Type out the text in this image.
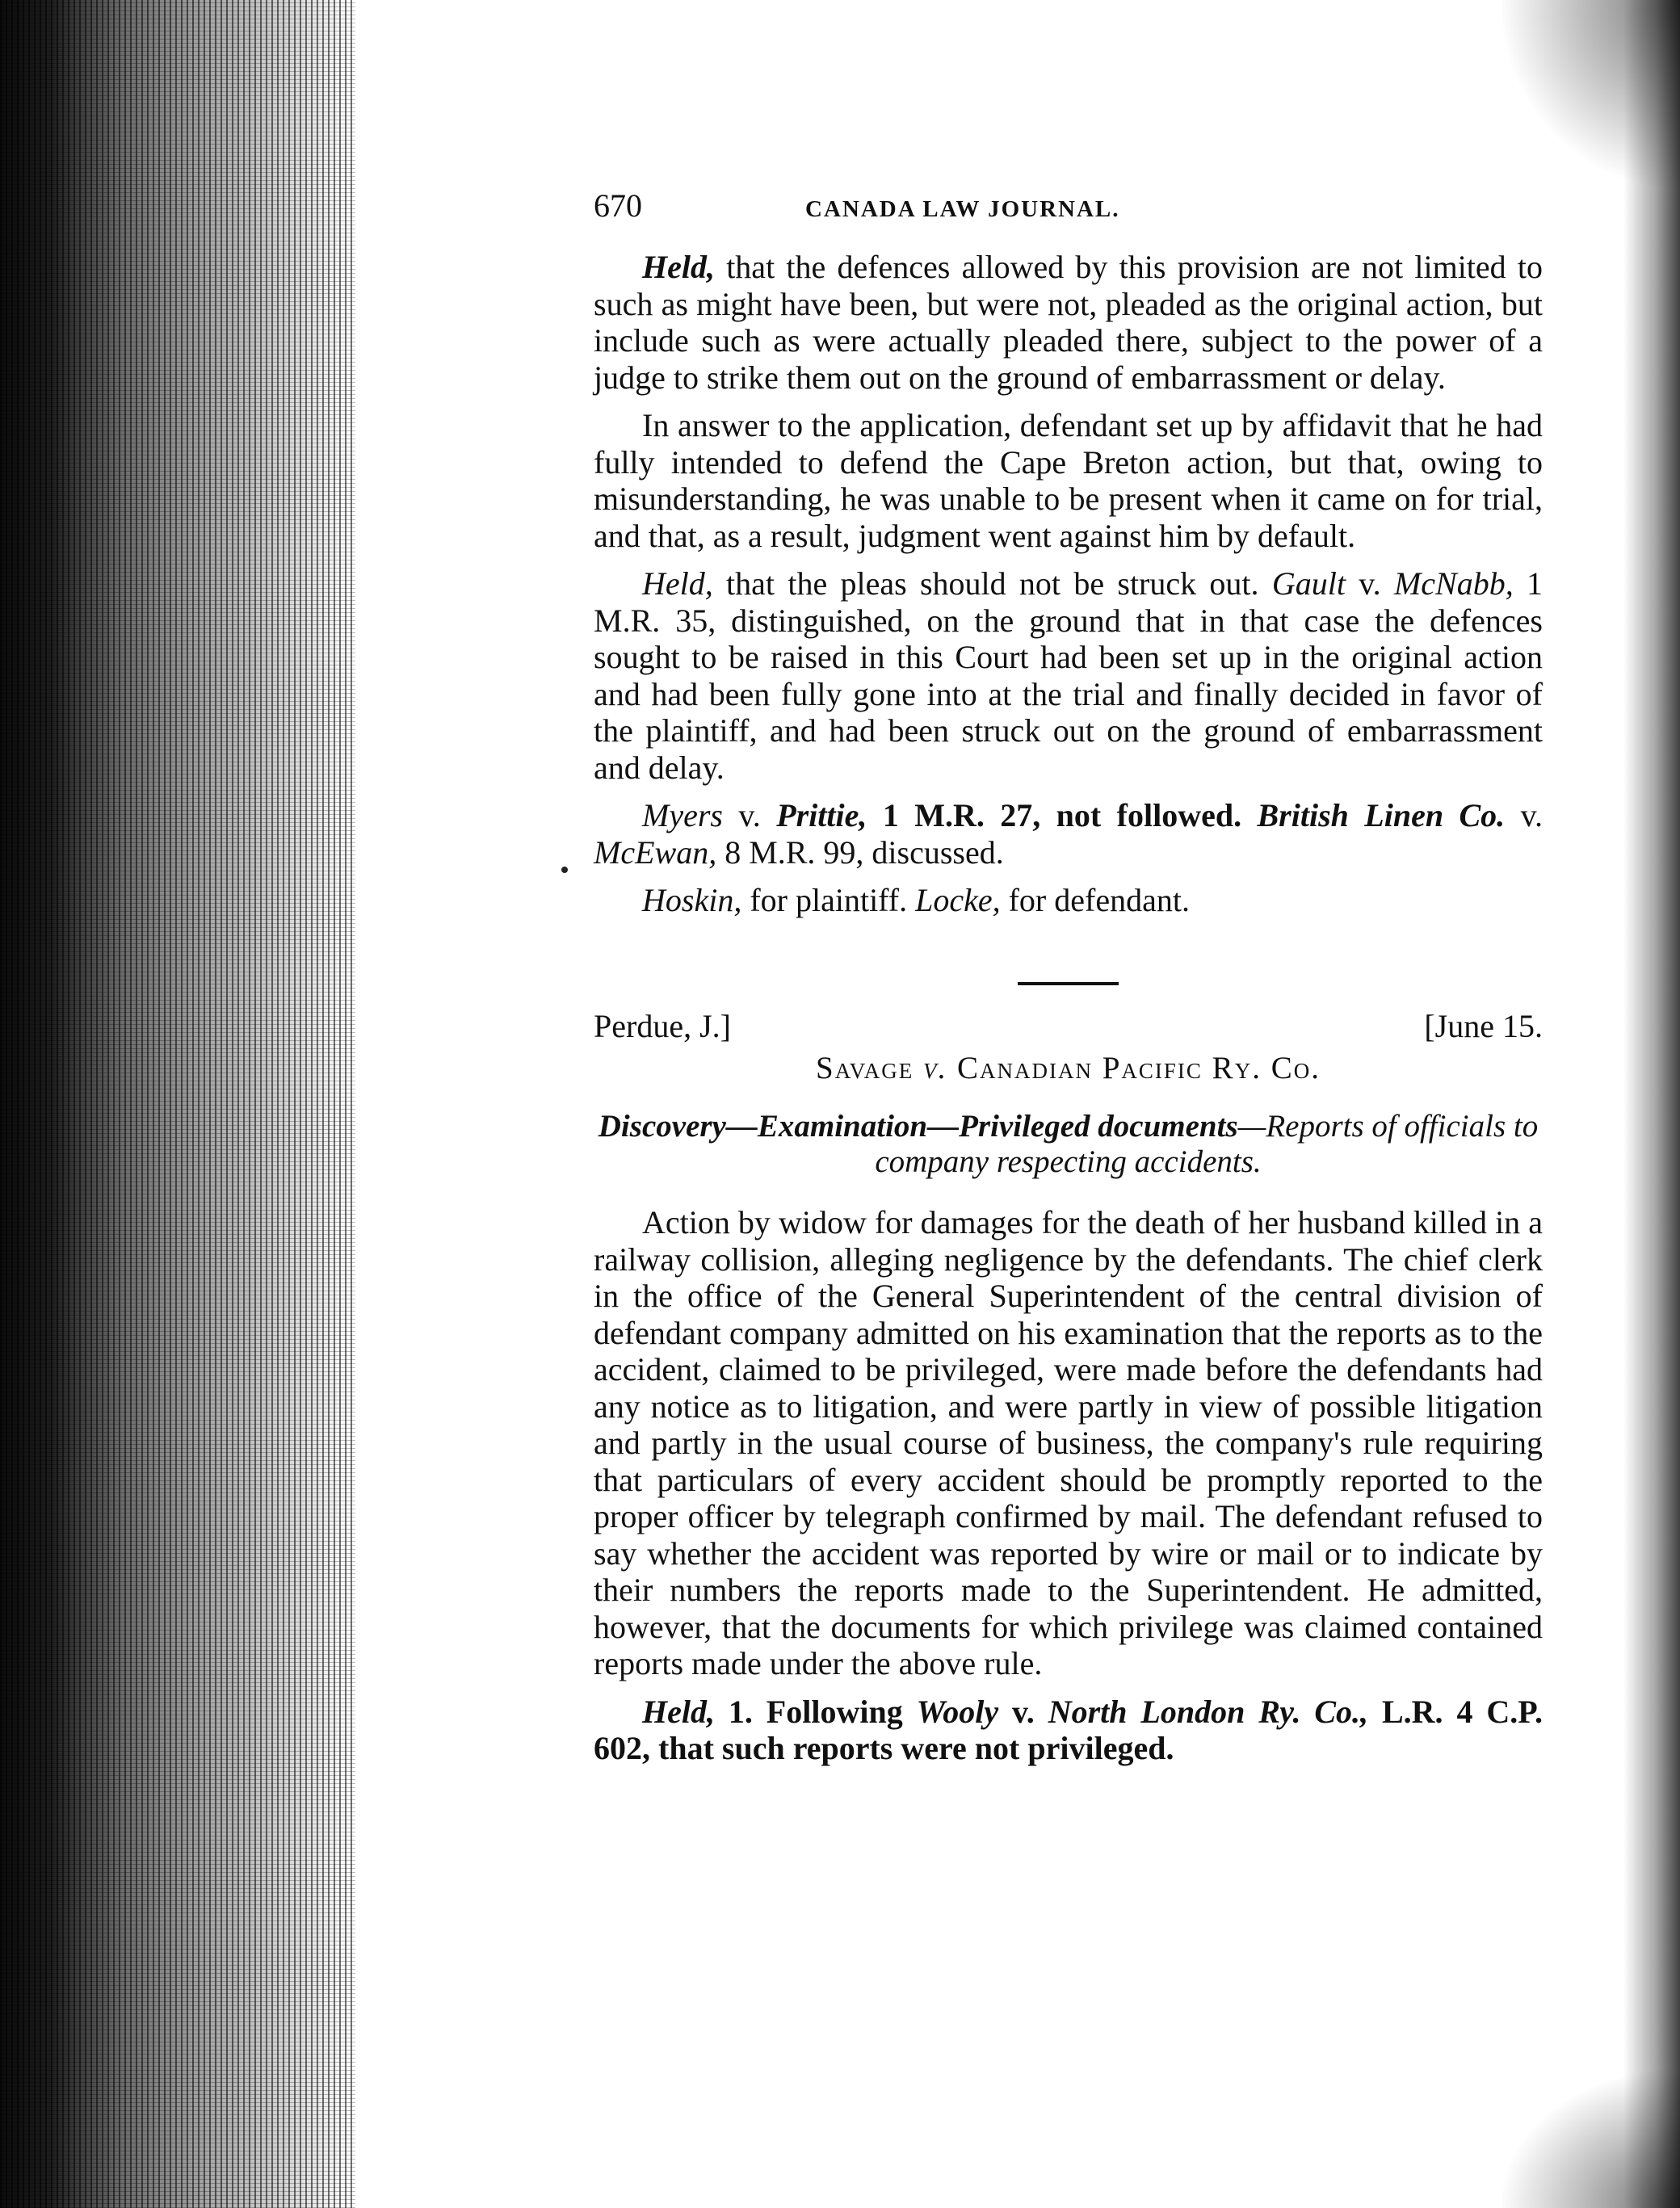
670	CANADA LAW JOURNAL.

Held, that the defences allowed by this provision are not limited to such as might have been, but were not, pleaded as the original action, but include such as were actually pleaded there, subject to the power of a judge to strike them out on the ground of embarrassment or delay.

In answer to the application, defendant set up by affidavit that he had fully intended to defend the Cape Breton action, but that, owing to misunderstanding, he was unable to be present when it came on for trial, and that, as a result, judgment went against him by default.

Held, that the pleas should not be struck out. Gault v. McNabb, 1 M.R. 35, distinguished, on the ground that in that case the defences sought to be raised in this Court had been set up in the original action and had been fully gone into at the trial and finally decided in favor of the plaintiff, and had been struck out on the ground of embarrassment and delay.

Myers v. Prittie, 1 M.R. 27, not followed. British Linen Co. v. McEwan, 8 M.R. 99, discussed.

Hoskin, for plaintiff. Locke, for defendant.

Perdue, J.]	[June 15.
Savage v. Canadian Pacific Ry. Co.
Discovery—Examination—Privileged documents—Reports of officials to company respecting accidents.

Action by widow for damages for the death of her husband killed in a railway collision, alleging negligence by the defendants. The chief clerk in the office of the General Superintendent of the central division of defendant company admitted on his examination that the reports as to the accident, claimed to be privileged, were made before the defendants had any notice as to litigation, and were partly in view of possible litigation and partly in the usual course of business, the company's rule requiring that particulars of every accident should be promptly reported to the proper officer by telegraph confirmed by mail. The defendant refused to say whether the accident was reported by wire or mail or to indicate by their numbers the reports made to the Superintendent. He admitted, however, that the documents for which privilege was claimed contained reports made under the above rule.

Held, 1. Following Wooly v. North London Ry. Co., L.R. 4 C.P. 602, that such reports were not privileged.
